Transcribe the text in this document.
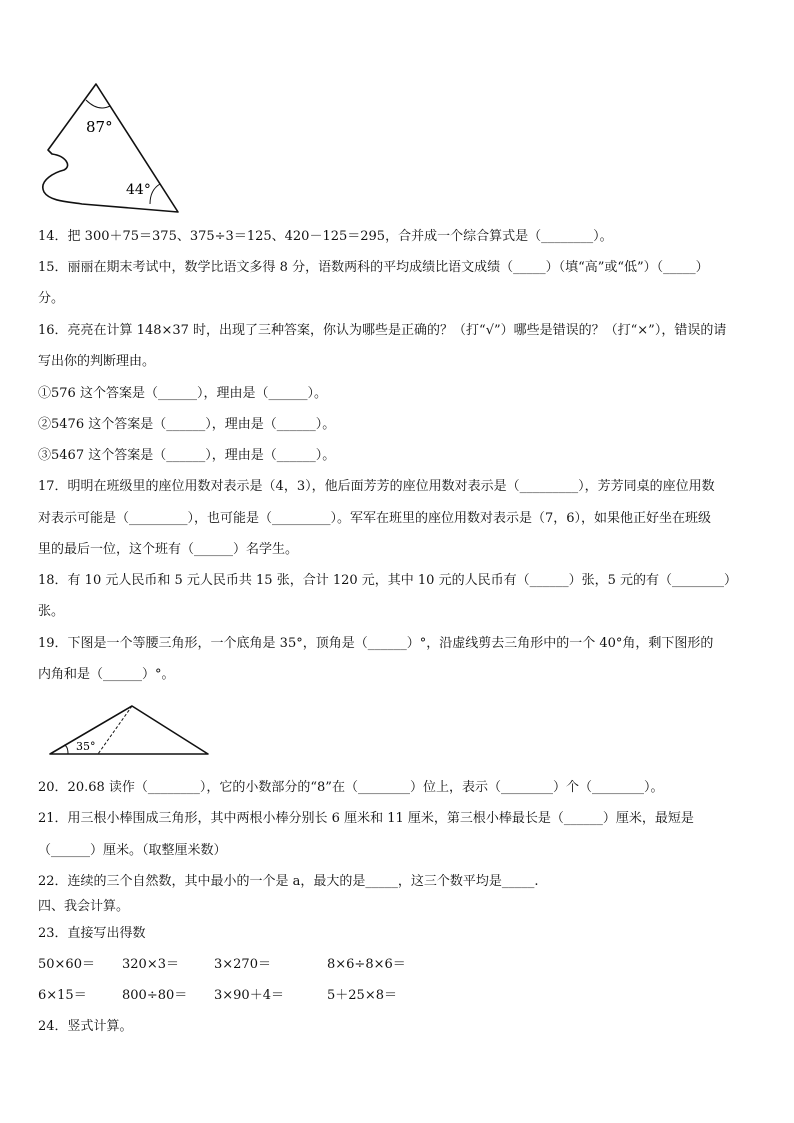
87°
44°
14．把 300＋75＝375、375÷3＝125、420－125＝295，合并成一个综合算式是（________）。
15．丽丽在期末考试中，数学比语文多得 8 分，语数两科的平均成绩比语文成绩（_____）（填“高”或“低”）（_____）
分。
16．亮亮在计算 148×37 时，出现了三种答案，你认为哪些是正确的？（打“√”）哪些是错误的？（打“×”），错误的请
写出你的判断理由。
①576 这个答案是（______），理由是（______）。
②5476 这个答案是（______），理由是（______）。
③5467 这个答案是（______），理由是（______）。
17．明明在班级里的座位用数对表示是（4，3），他后面芳芳的座位用数对表示是（_________），芳芳同桌的座位用数
对表示可能是（_________），也可能是（_________）。军军在班里的座位用数对表示是（7，6），如果他正好坐在班级
里的最后一位，这个班有（______）名学生。
18．有 10 元人民币和 5 元人民币共 15 张，合计 120 元，其中 10 元的人民币有（______）张，5 元的有（________）
张。
19．下图是一个等腰三角形，一个底角是 35°，顶角是（______）°，沿虚线剪去三角形中的一个 40°角，剩下图形的
内角和是（______）°。
35°
20．20.68 读作（________），它的小数部分的“8”在（________）位上，表示（________）个（________）。
21．用三根小棒围成三角形，其中两根小棒分别长 6 厘米和 11 厘米，第三根小棒最长是（______）厘米，最短是
（______）厘米。（取整厘米数）
22．连续的三个自然数，其中最小的一个是 a，最大的是_____，这三个数平均是_____.
四、我会计算。
23．直接写出得数
50×60＝ 320×3＝	3×270＝	8×6÷8×6＝
6×15＝	800÷80＝ 3×90＋4＝	5＋25×8＝
24．竖式计算。
